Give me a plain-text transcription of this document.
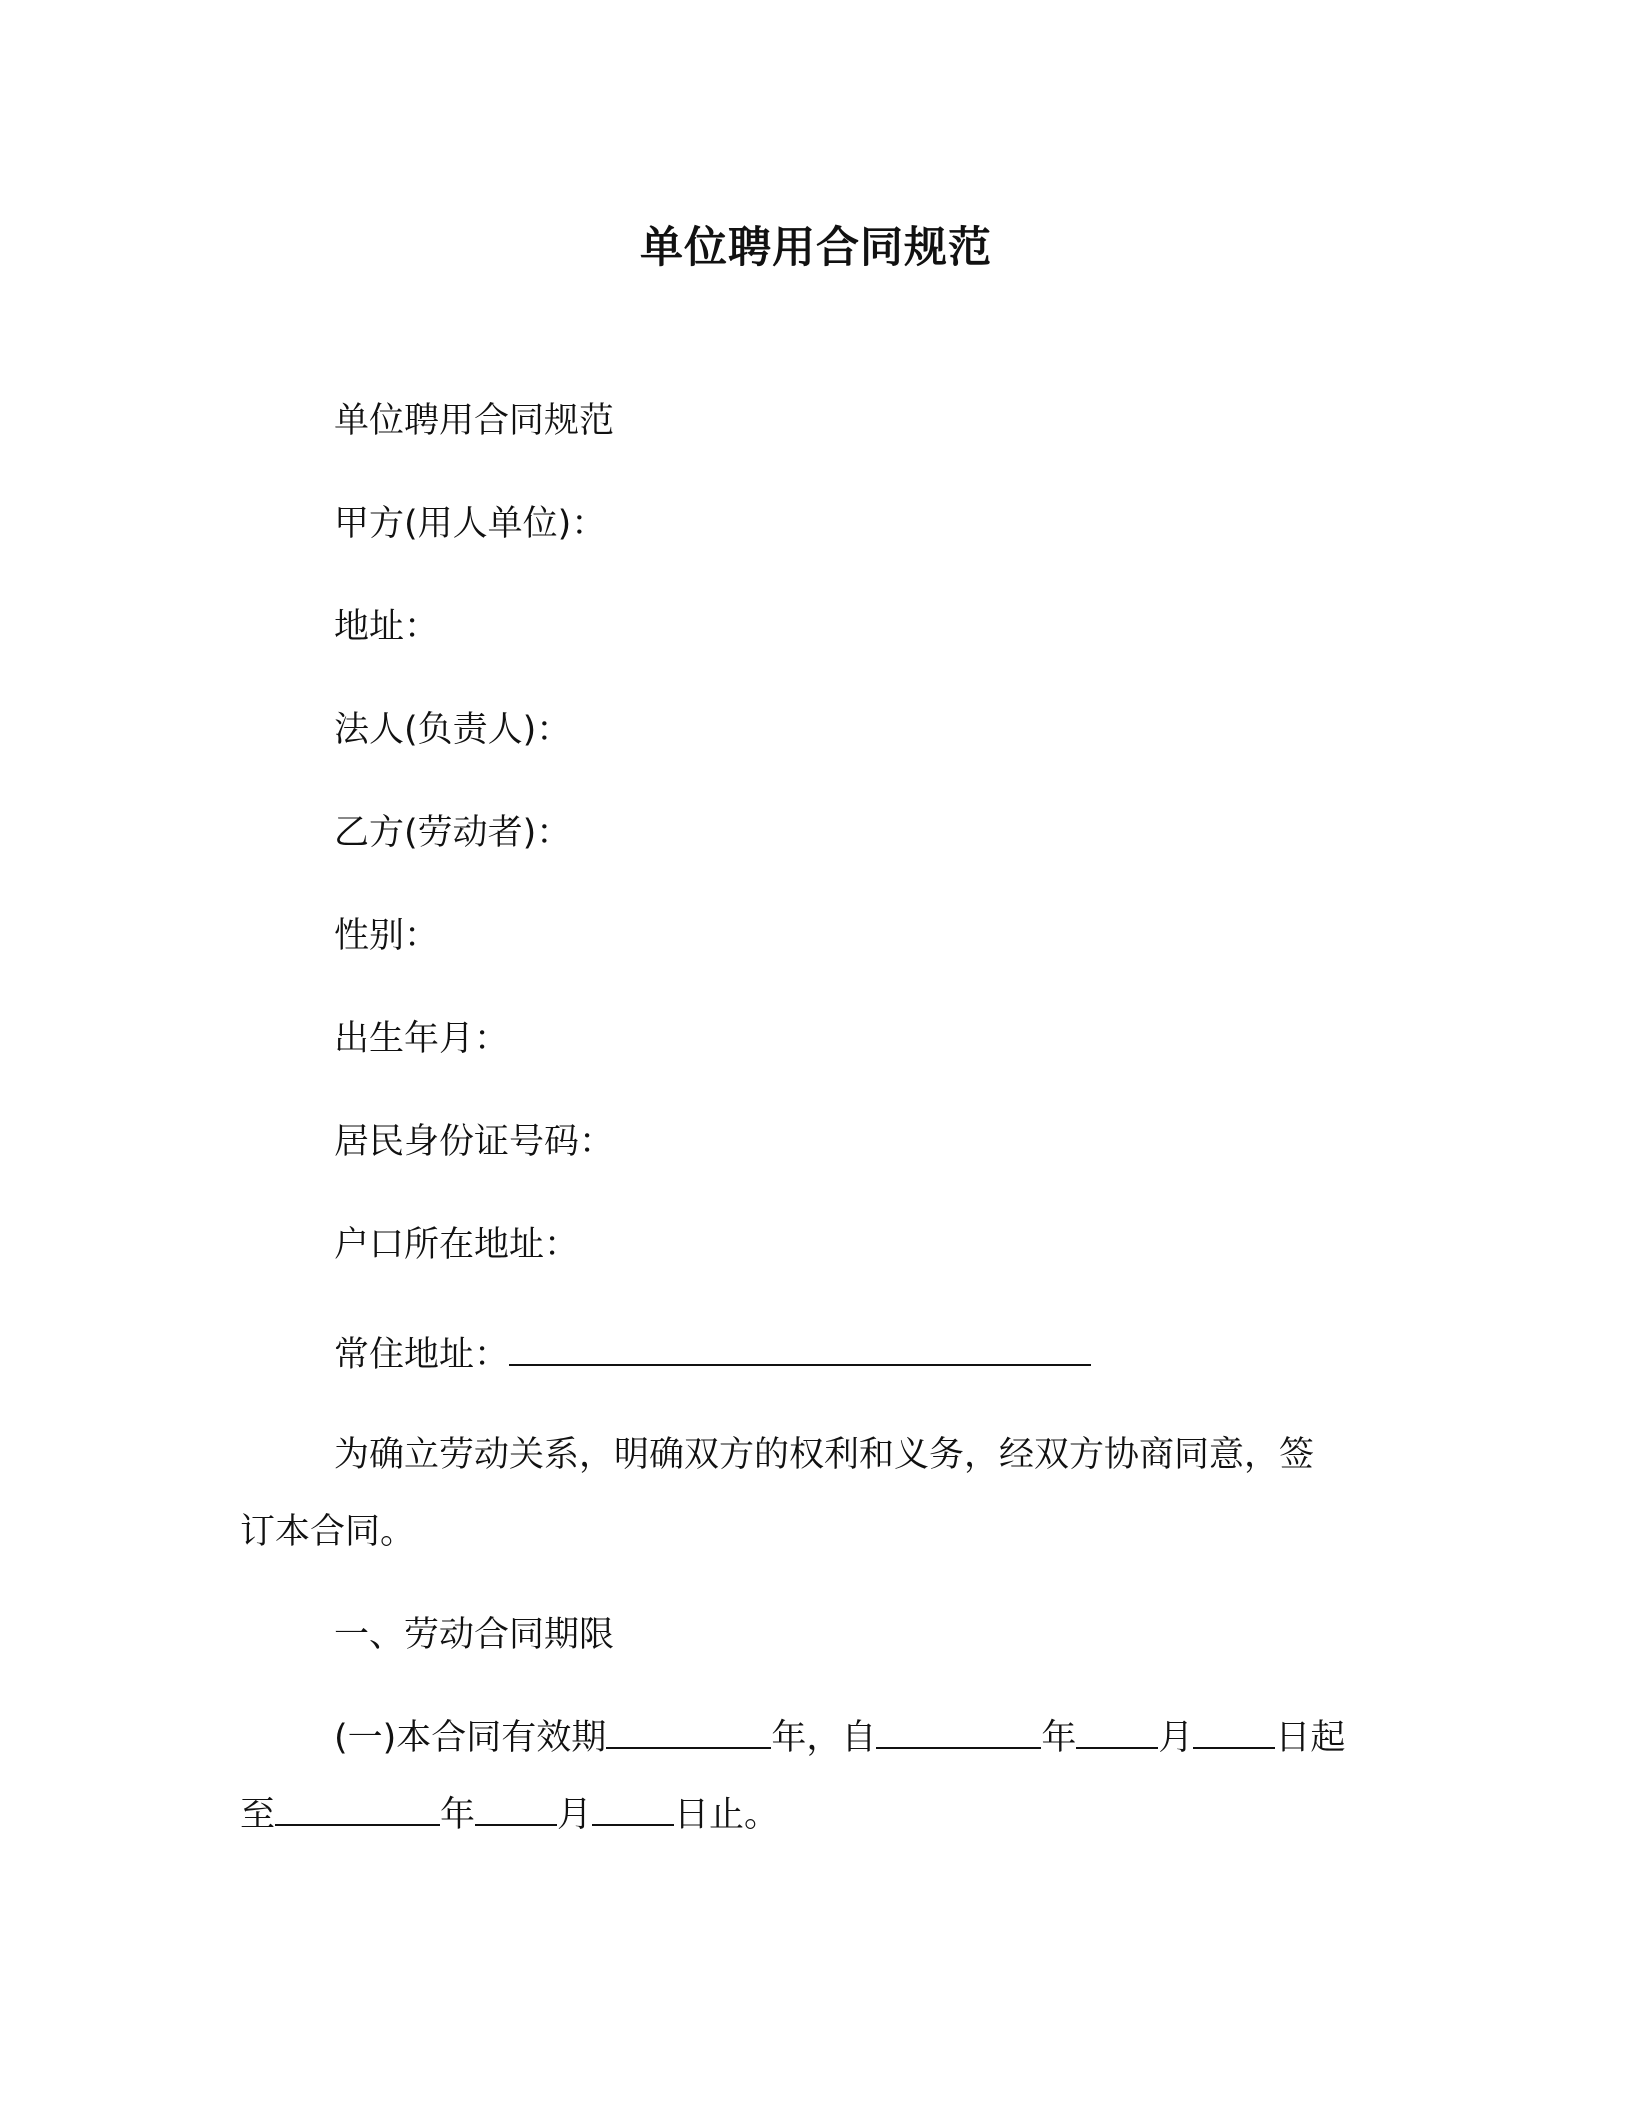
单位聘用合同规范
单位聘用合同规范
甲方(用人单位)：
地址：
法人(负责人)：
乙方(劳动者)：
性别：
出生年月：
居民身份证号码：
户口所在地址：
常住地址：
为确立劳动关系，明确双方的权利和义务，经双方协商同意，签
订本合同。
一、劳动合同期限
(一)本合同有效期	年，自	年 月 日起
至	年 月 日止。
